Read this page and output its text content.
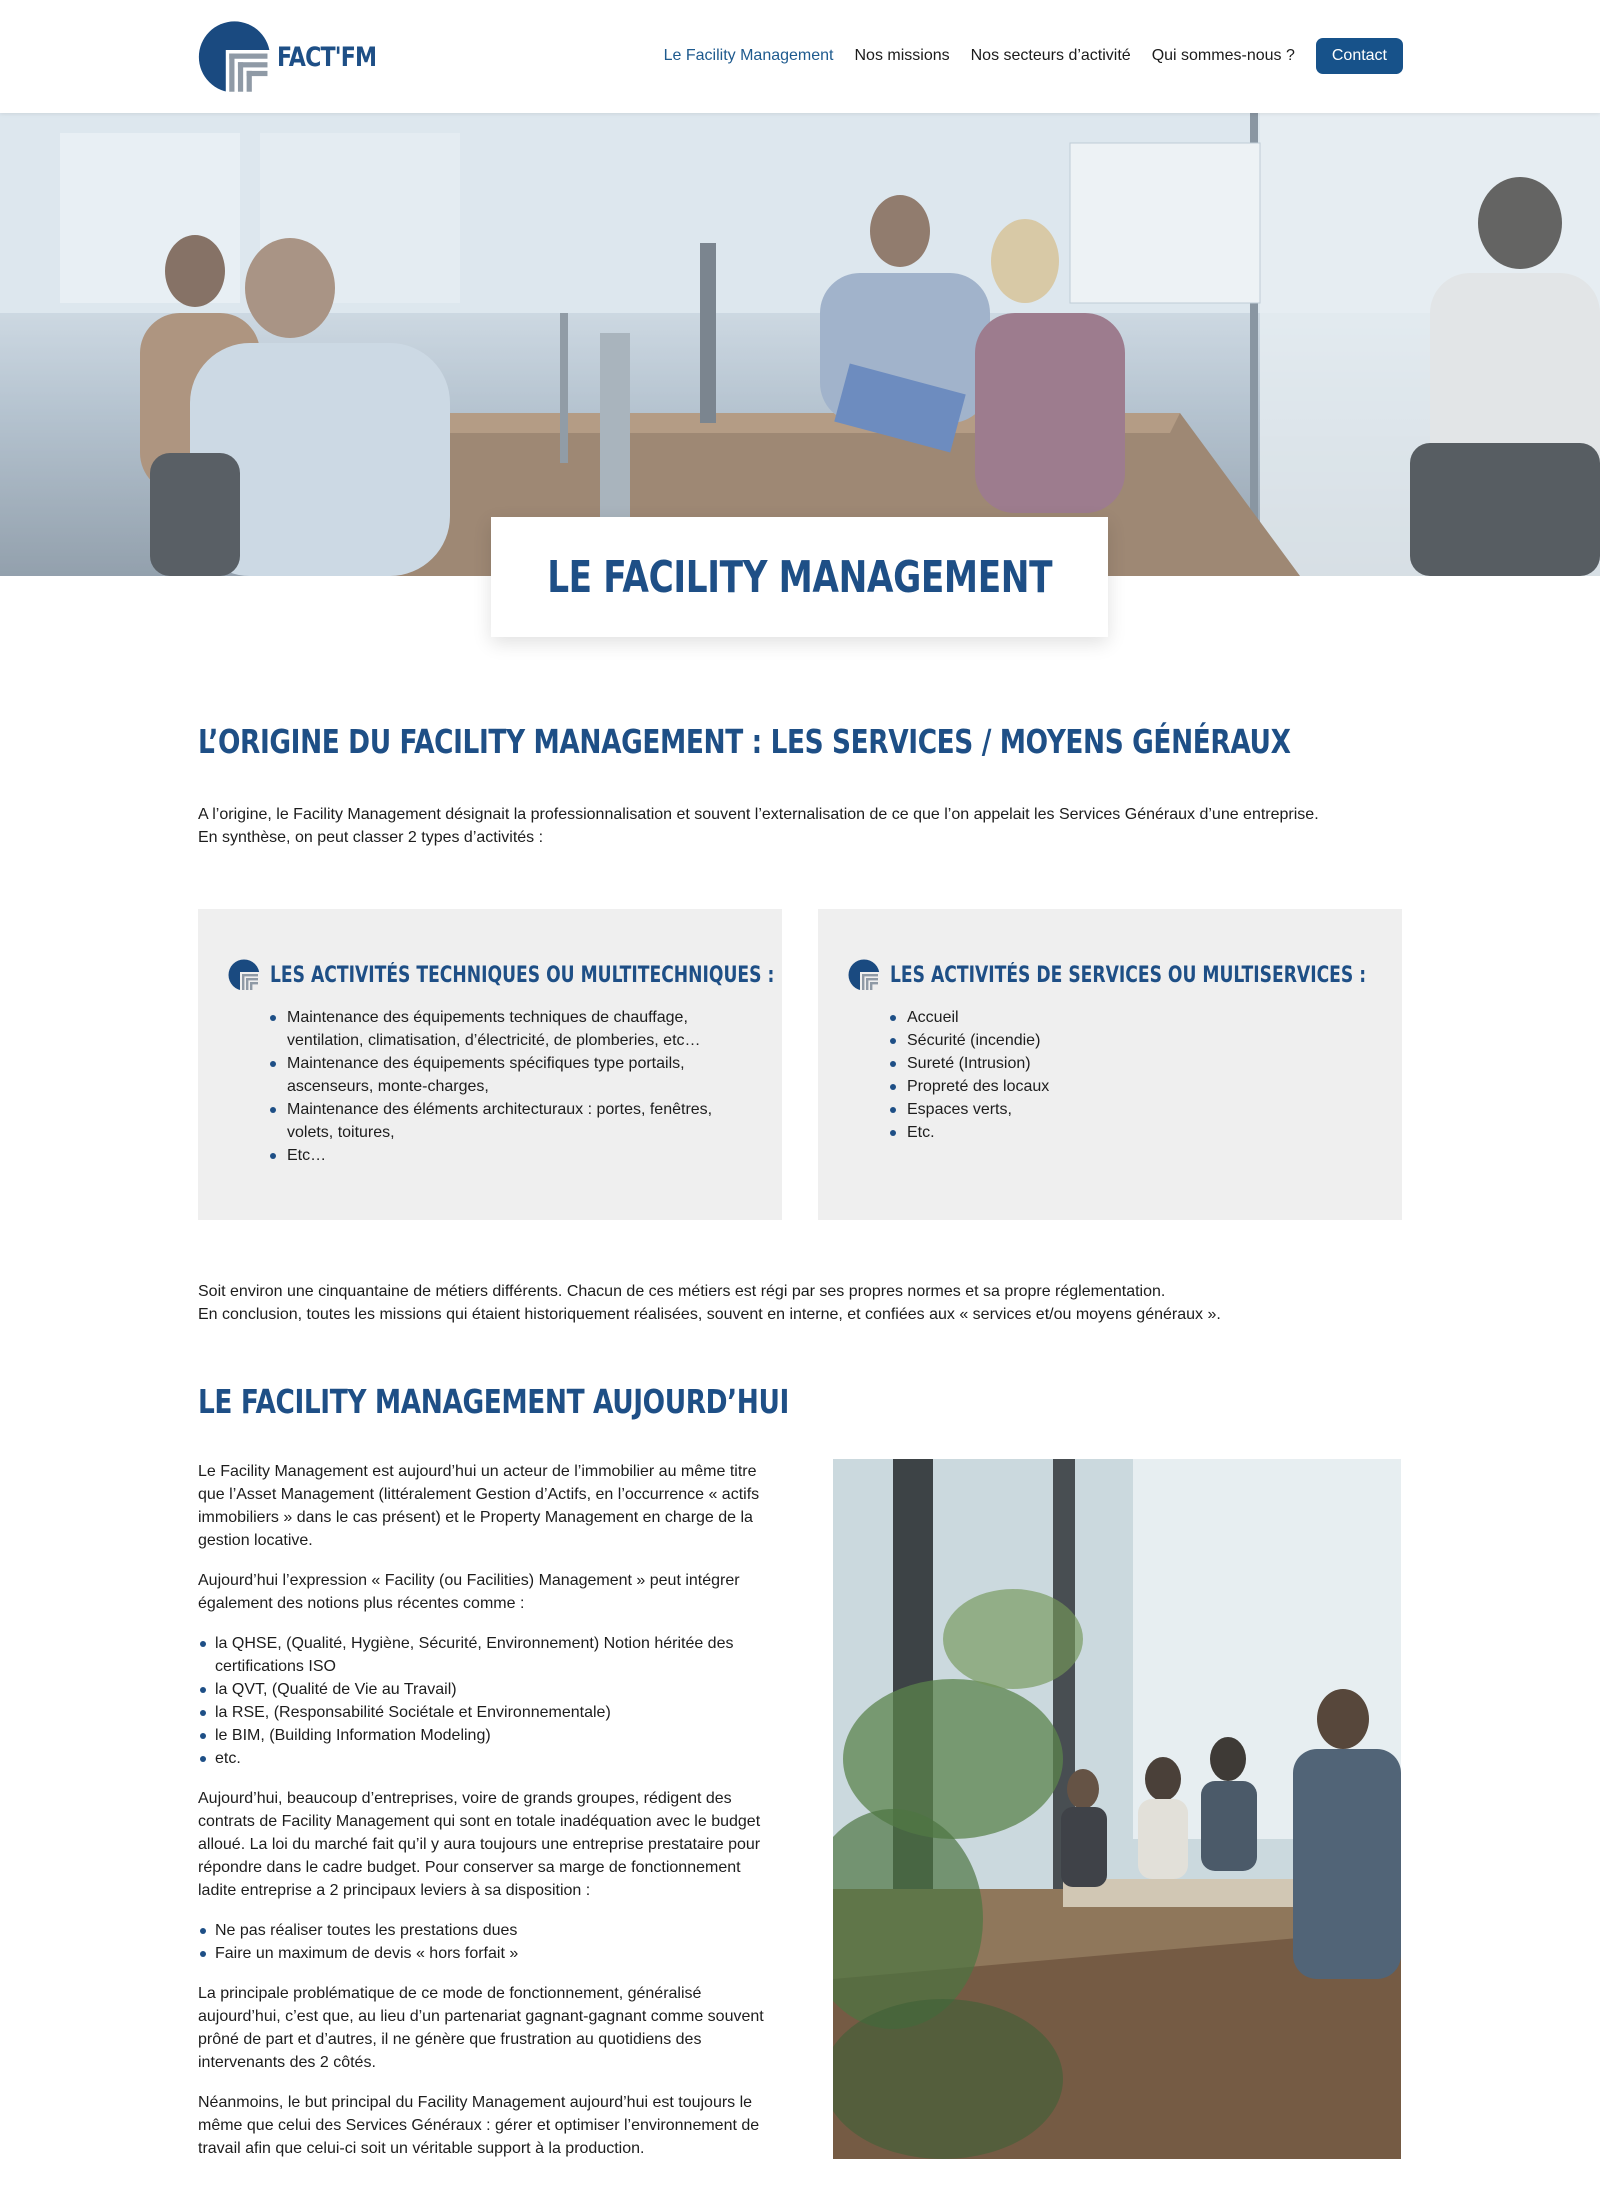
FACT'FM	Le Facility Management Nos missions Nos secteurs d’activité Qui sommes-nous ?	Contact
LE FACILITY MANAGEMENT
L’ORIGINE DU FACILITY MANAGEMENT : LES SERVICES / MOYENS GÉNÉRAUX

A l’origine, le Facility Management désignait la professionnalisation et souvent l’externalisation de ce que l’on appelait les Services Généraux d’une entreprise.

En synthèse, on peut classer 2 types d’activités :

LES ACTIVITÉS TECHNIQUES OU MULTITECHNIQUES :
Maintenance des équipements techniques de chauffage, ventilation, climatisation, d’électricité, de plomberies, etc…
Maintenance des équipements spécifiques type portails, ascenseurs, monte-charges,
Maintenance des éléments architecturaux : portes, fenêtres, volets, toitures,
Etc…
LES ACTIVITÉS DE SERVICES OU MULTISERVICES :
Accueil
Sécurité (incendie)
Sureté (Intrusion)
Propreté des locaux
Espaces verts,
Etc.

Soit environ une cinquantaine de métiers différents. Chacun de ces métiers est régi par ses propres normes et sa propre réglementation.

En conclusion, toutes les missions qui étaient historiquement réalisées, souvent en interne, et confiées aux « services et/ou moyens généraux ».

LE FACILITY MANAGEMENT AUJOURD’HUI

Le Facility Management est aujourd’hui un acteur de l’immobilier au même titre que l’Asset Management (littéralement Gestion d’Actifs, en l’occurrence « actifs immobiliers » dans le cas présent) et le Property Management en charge de la gestion locative.

Aujourd’hui l’expression « Facility (ou Facilities) Management » peut intégrer également des notions plus récentes comme :

la QHSE, (Qualité, Hygiène, Sécurité, Environnement) Notion héritée des certifications ISO
la QVT, (Qualité de Vie au Travail)
la RSE, (Responsabilité Sociétale et Environnementale)
le BIM, (Building Information Modeling)
etc.

Aujourd’hui, beaucoup d’entreprises, voire de grands groupes, rédigent des contrats de Facility Management qui sont en totale inadéquation avec le budget alloué. La loi du marché fait qu’il y aura toujours une entreprise prestataire pour répondre dans le cadre budget. Pour conserver sa marge de fonctionnement ladite entreprise a 2 principaux leviers à sa disposition :

Ne pas réaliser toutes les prestations dues
Faire un maximum de devis « hors forfait »

La principale problématique de ce mode de fonctionnement, généralisé aujourd’hui, c’est que, au lieu d’un partenariat gagnant-gagnant comme souvent prôné de part et d’autres, il ne génère que frustration au quotidiens des intervenants des 2 côtés.

Néanmoins, le but principal du Facility Management aujourd’hui est toujours le même que celui des Services Généraux : gérer et optimiser l’environnement de travail afin que celui-ci soit un véritable support à la production.
